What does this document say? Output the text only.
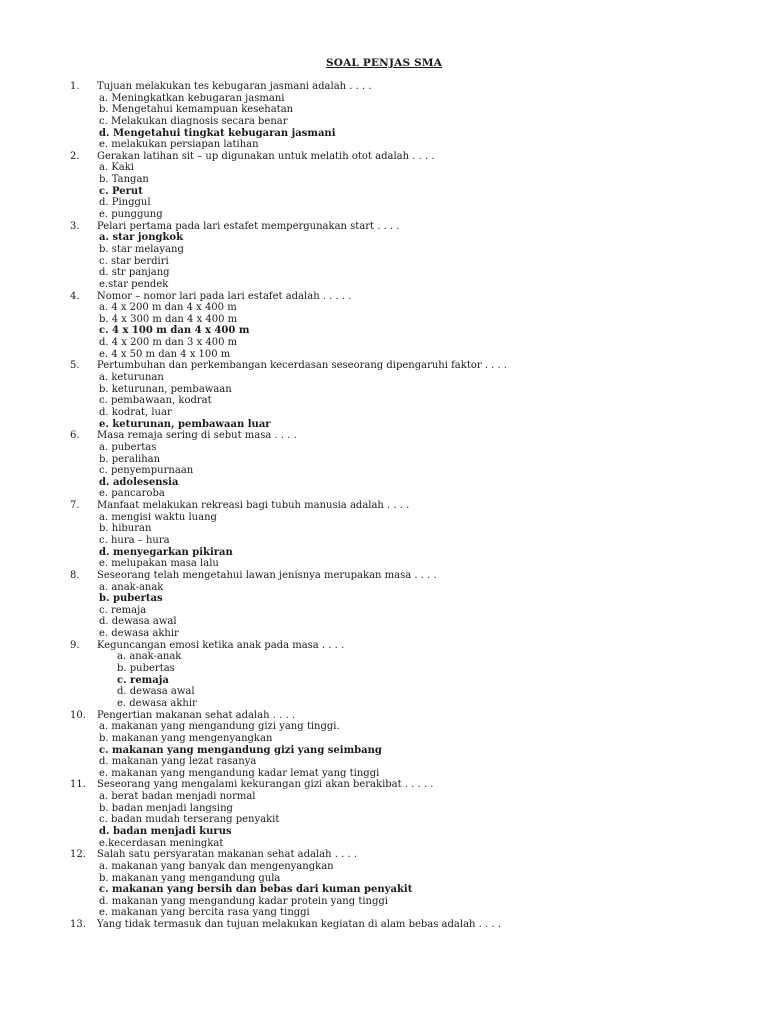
SOAL PENJAS SMA
1.	Tujuan melakukan tes kebugaran jasmani adalah . . . .
a. Meningkatkan kebugaran jasmani
b. Mengetahui kemampuan kesehatan
c. Melakukan diagnosis secara benar
d. Mengetahui tingkat kebugaran jasmani
e. melakukan persiapan latihan
2.	Gerakan latihan sit – up digunakan untuk melatih otot adalah . . . .
a. Kaki
b. Tangan
c. Perut
d. Pinggul
e. punggung
3.	Pelari pertama pada lari estafet mempergunakan start . . . .
a. star jongkok
b. star melayang
c. star berdiri
d. str panjang
e.star pendek
4.	Nomor – nomor lari pada lari estafet adalah . . . . .
a. 4 x 200 m dan 4 x 400 m
b. 4 x 300 m dan 4 x 400 m
c. 4 x 100 m dan 4 x 400 m
d. 4 x 200 m dan 3 x 400 m
e. 4 x 50 m dan 4 x 100 m
5.	Pertumbuhan dan perkembangan kecerdasan seseorang dipengaruhi faktor . . . .
a. keturunan
b. keturunan, pembawaan
c. pembawaan, kodrat
d. kodrat, luar
e. keturunan, pembawaan luar
6.	Masa remaja sering di sebut masa . . . .
a. pubertas
b. peralihan
c. penyempurnaan
d. adolesensia
e. pancaroba
7.	Manfaat melakukan rekreasi bagi tubuh manusia adalah . . . .
a. mengisi waktu luang
b. hiburan
c. hura – hura
d. menyegarkan pikiran
e. melupakan masa lalu
8.	Seseorang telah mengetahui lawan jenisnya merupakan masa . . . .
a. anak-anak
b. pubertas
c. remaja
d. dewasa awal
e. dewasa akhir
9.	Keguncangan emosi ketika anak pada masa . . . .
a. anak-anak
b. pubertas
c. remaja
d. dewasa awal
e. dewasa akhir
10.	Pengertian makanan sehat adalah . . . .
a. makanan yang mengandung gizi yang tinggi.
b. makanan yang mengenyangkan
c. makanan yang mengandung gizi yang seimbang
d. makanan yang lezat rasanya
e. makanan yang mengandung kadar lemat yang tinggi
11.	Seseorang yang mengalami kekurangan gizi akan berakibat . . . . .
a. berat badan menjadi normal
b. badan menjadi langsing
c. badan mudah terserang penyakit
d. badan menjadi kurus
e.kecerdasan meningkat
12.	Salah satu persyaratan makanan sehat adalah . . . .
a. makanan yang banyak dan mengenyangkan
b. makanan yang mengandung gula
c. makanan yang bersih dan bebas dari kuman penyakit
d. makanan yang mengandung kadar protein yang tinggi
e. makanan yang bercita rasa yang tinggi
13.	Yang tidak termasuk dan tujuan melakukan kegiatan di alam bebas adalah . . . .
